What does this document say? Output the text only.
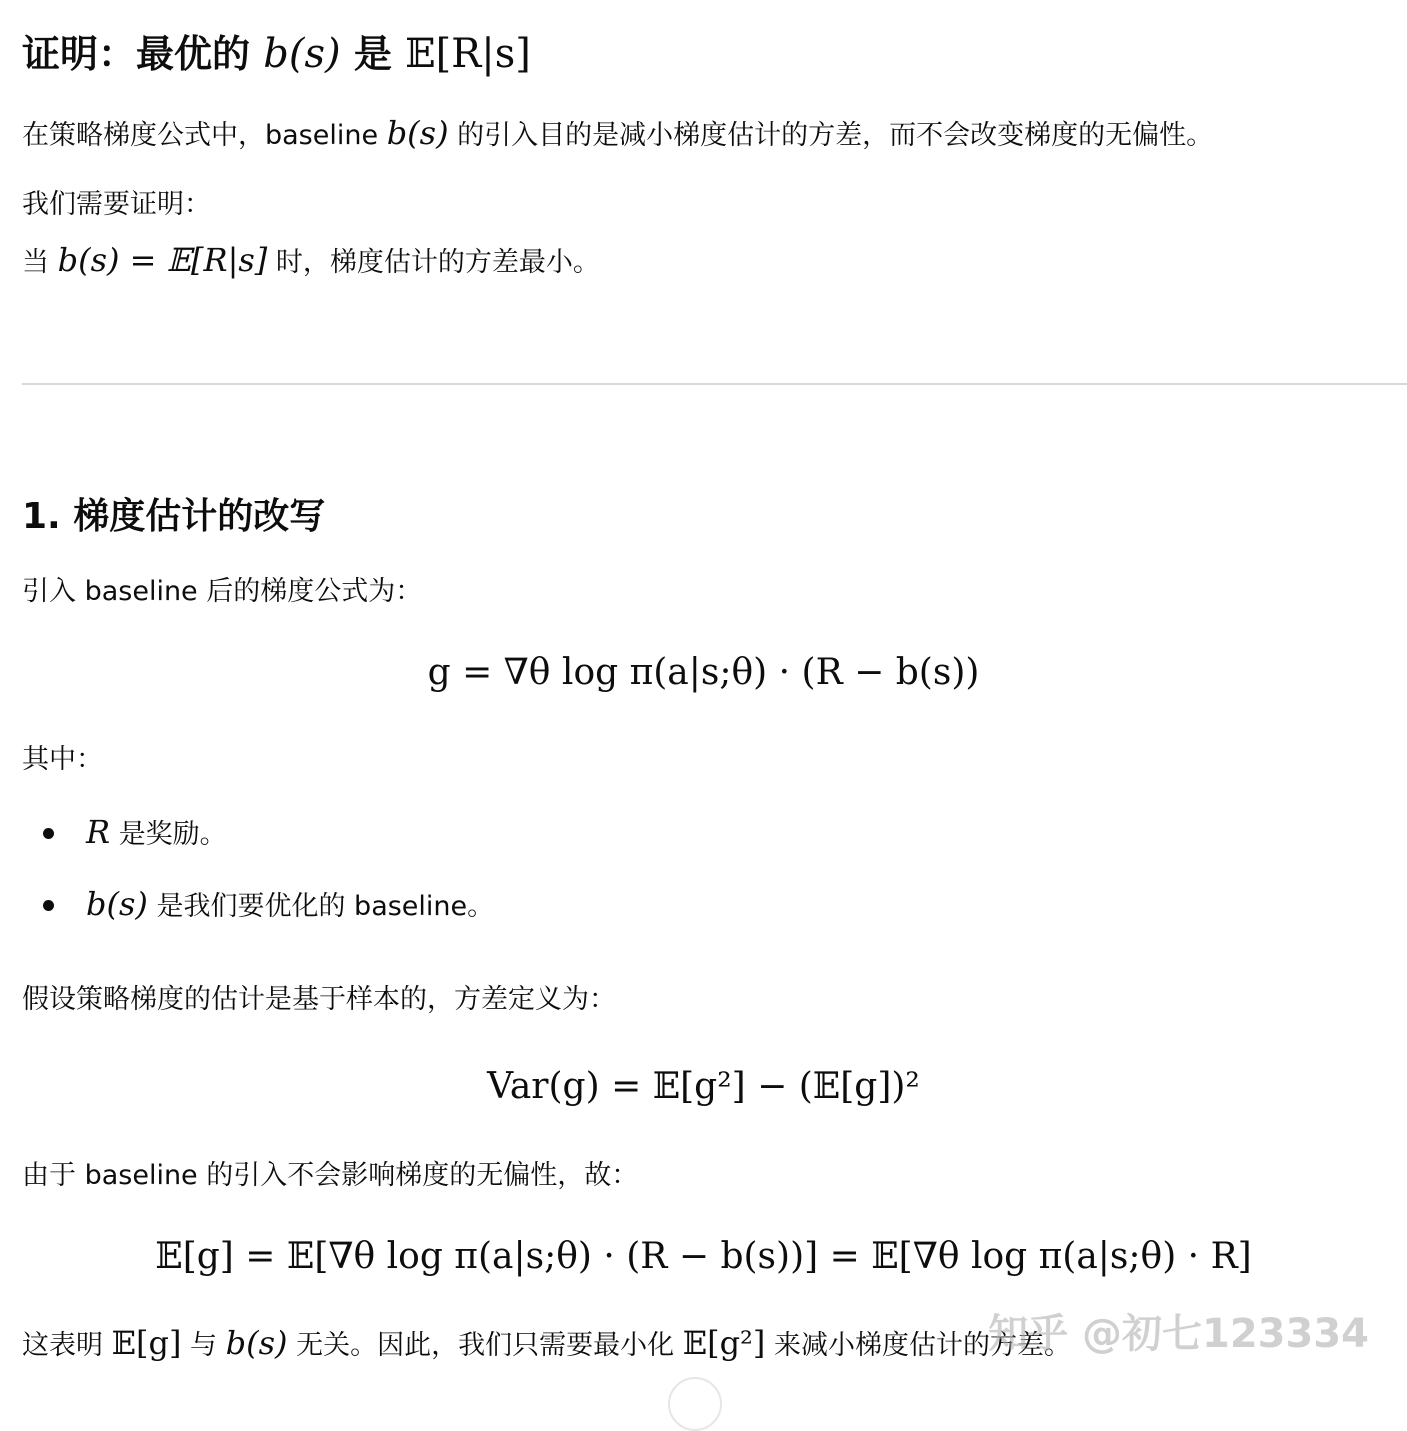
证明：最优的 b(s) 是 𝔼[R|s]
在策略梯度公式中，baseline b(s) 的引入目的是减小梯度估计的方差，而不会改变梯度的无偏性。
我们需要证明：
当 b(s) = 𝔼[R|s] 时，梯度估计的方差最小。
1. 梯度估计的改写
引入 baseline 后的梯度公式为：
g = ∇θ log π(a|s;θ) · (R − b(s))
其中：
R 是奖励。
b(s) 是我们要优化的 baseline。
假设策略梯度的估计是基于样本的，方差定义为：
Var(g) = 𝔼[g²] − (𝔼[g])²
由于 baseline 的引入不会影响梯度的无偏性，故：
𝔼[g] = 𝔼[∇θ log π(a|s;θ) · (R − b(s))] = 𝔼[∇θ log π(a|s;θ) · R]
这表明 𝔼[g] 与 b(s) 无关。因此，我们只需要最小化 𝔼[g²] 来减小梯度估计的方差。
知乎 @初七123334
